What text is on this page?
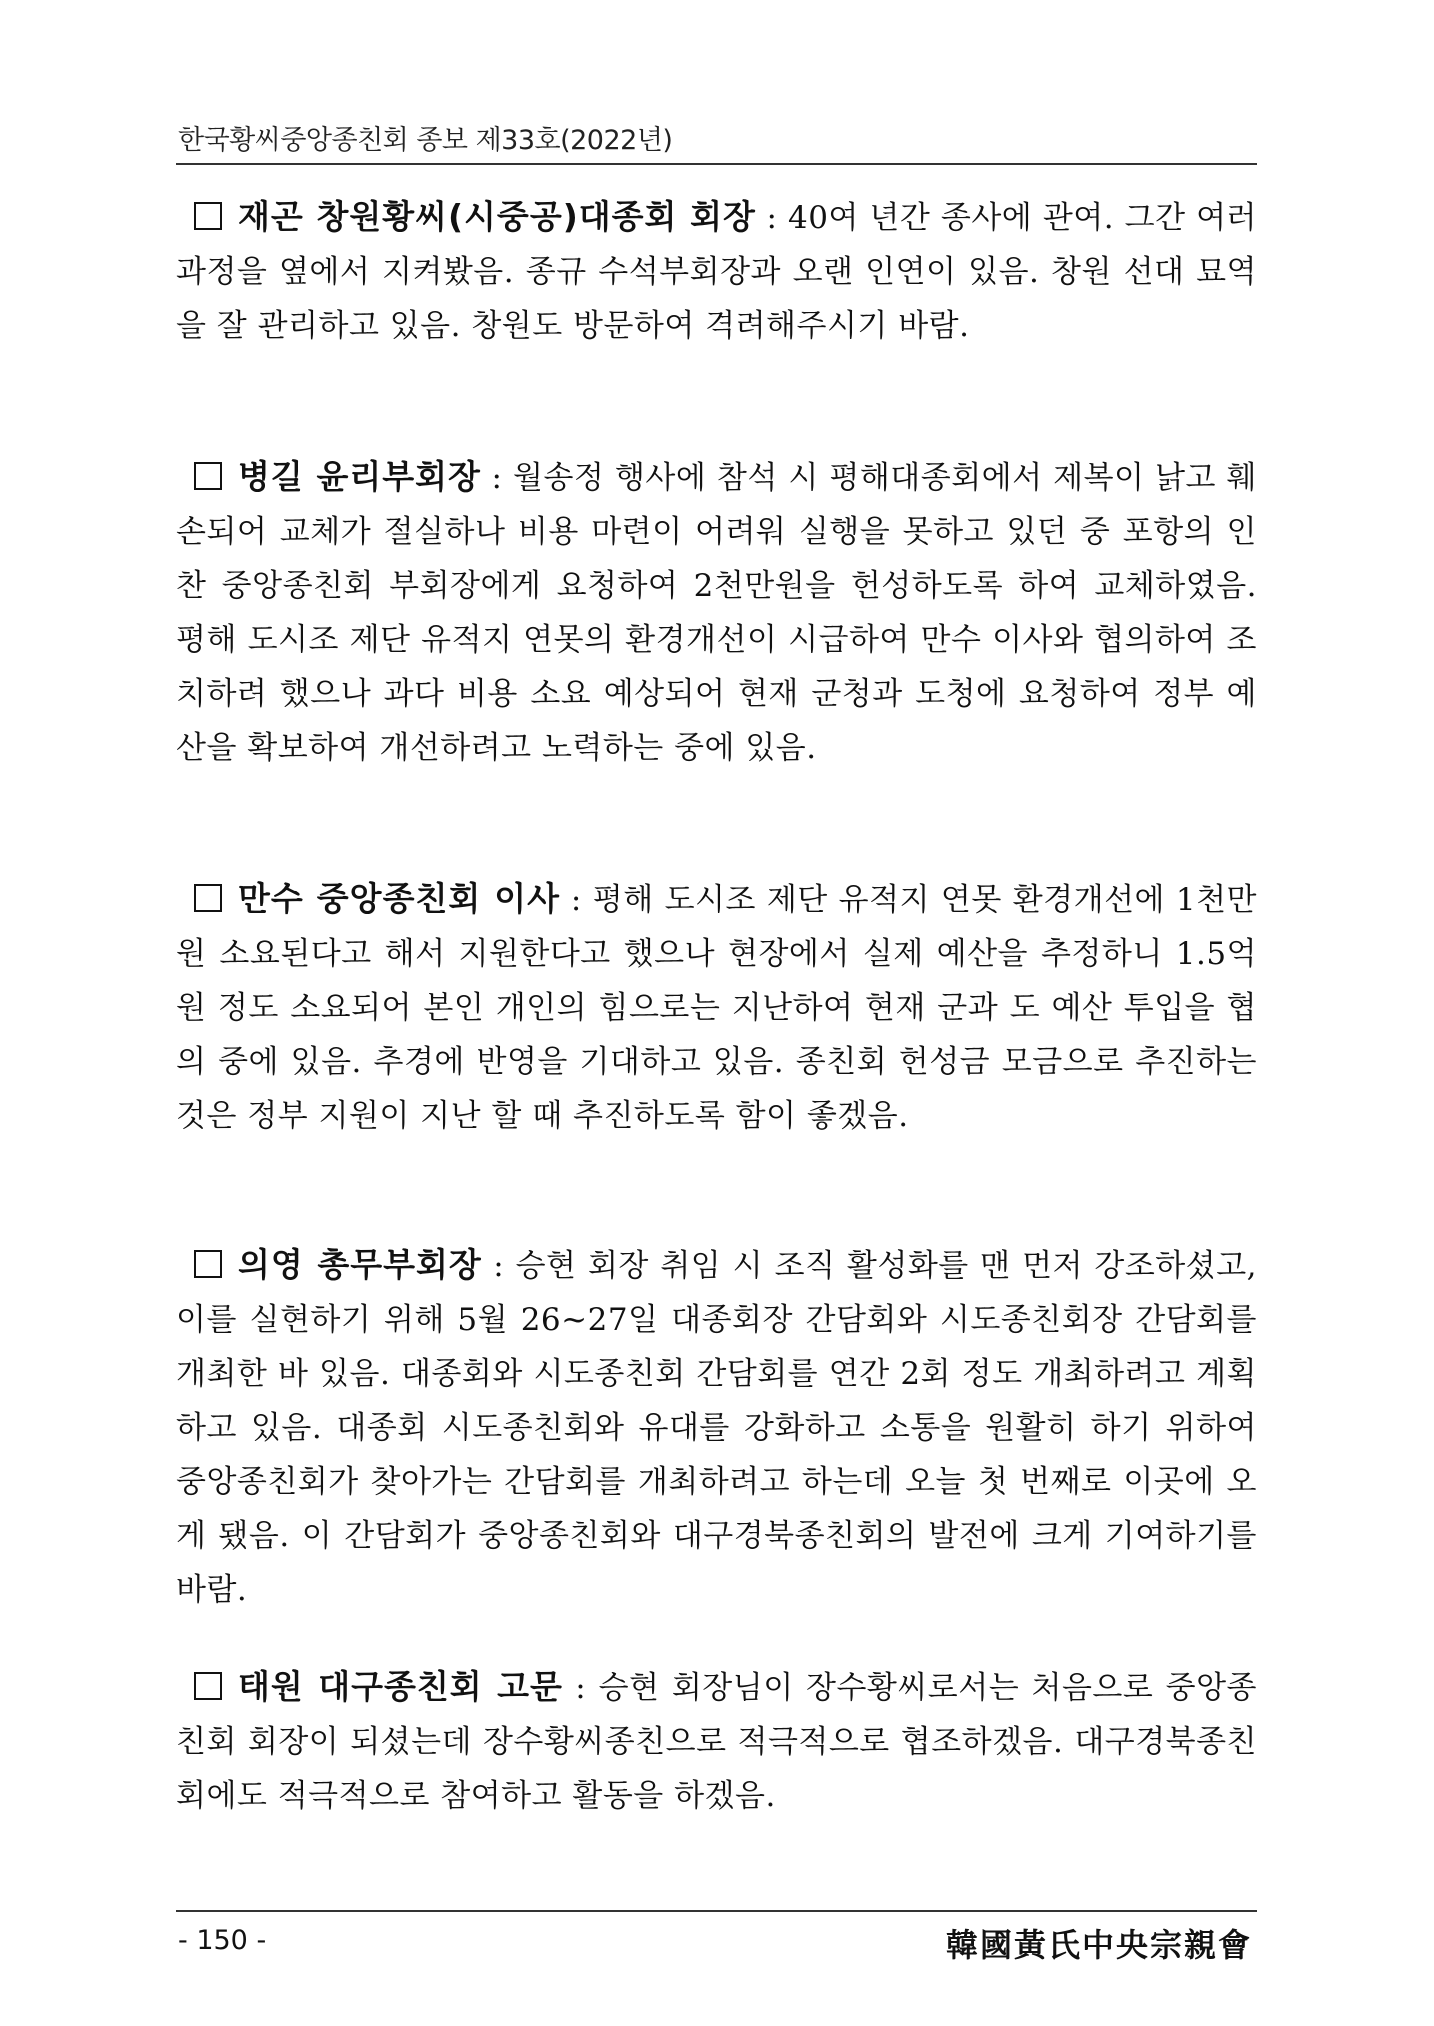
한국황씨중앙종친회 종보 제33호(2022년)
재곤 창원황씨(시중공)대종회 회장 : 40여 년간 종사에 관여. 그간 여러 과정을 옆에서 지켜봤음. 종규 수석부회장과 오랜 인연이 있음. 창원 선대 묘역을 잘 관리하고 있음. 창원도 방문하여 격려해주시기 바람.
병길 윤리부회장 : 월송정 행사에 참석 시 평해대종회에서 제복이 낡고 훼손되어 교체가 절실하나 비용 마련이 어려워 실행을 못하고 있던 중 포항의 인찬 중앙종친회 부회장에게 요청하여 2천만원을 헌성하도록 하여 교체하였음. 평해 도시조 제단 유적지 연못의 환경개선이 시급하여 만수 이사와 협의하여 조치하려 했으나 과다 비용 소요 예상되어 현재 군청과 도청에 요청하여 정부 예산을 확보하여 개선하려고 노력하는 중에 있음.
만수 중앙종친회 이사 : 평해 도시조 제단 유적지 연못 환경개선에 1천만원 소요된다고 해서 지원한다고 했으나 현장에서 실제 예산을 추정하니 1.5억원 정도 소요되어 본인 개인의 힘으로는 지난하여 현재 군과 도 예산 투입을 협의 중에 있음. 추경에 반영을 기대하고 있음. 종친회 헌성금 모금으로 추진하는 것은 정부 지원이 지난 할 때 추진하도록 함이 좋겠음.
의영 총무부회장 : 승현 회장 취임 시 조직 활성화를 맨 먼저 강조하셨고, 이를 실현하기 위해 5월 26~27일 대종회장 간담회와 시도종친회장 간담회를 개최한 바 있음. 대종회와 시도종친회 간담회를 연간 2회 정도 개최하려고 계획하고 있음. 대종회 시도종친회와 유대를 강화하고 소통을 원활히 하기 위하여 중앙종친회가 찾아가는 간담회를 개최하려고 하는데 오늘 첫 번째로 이곳에 오게 됐음. 이 간담회가 중앙종친회와 대구경북종친회의 발전에 크게 기여하기를 바람.
태원 대구종친회 고문 : 승현 회장님이 장수황씨로서는 처음으로 중앙종친회 회장이 되셨는데 장수황씨종친으로 적극적으로 협조하겠음. 대구경북종친회에도 적극적으로 참여하고 활동을 하겠음.
- 150 -	韓國黃氏中央宗親會
